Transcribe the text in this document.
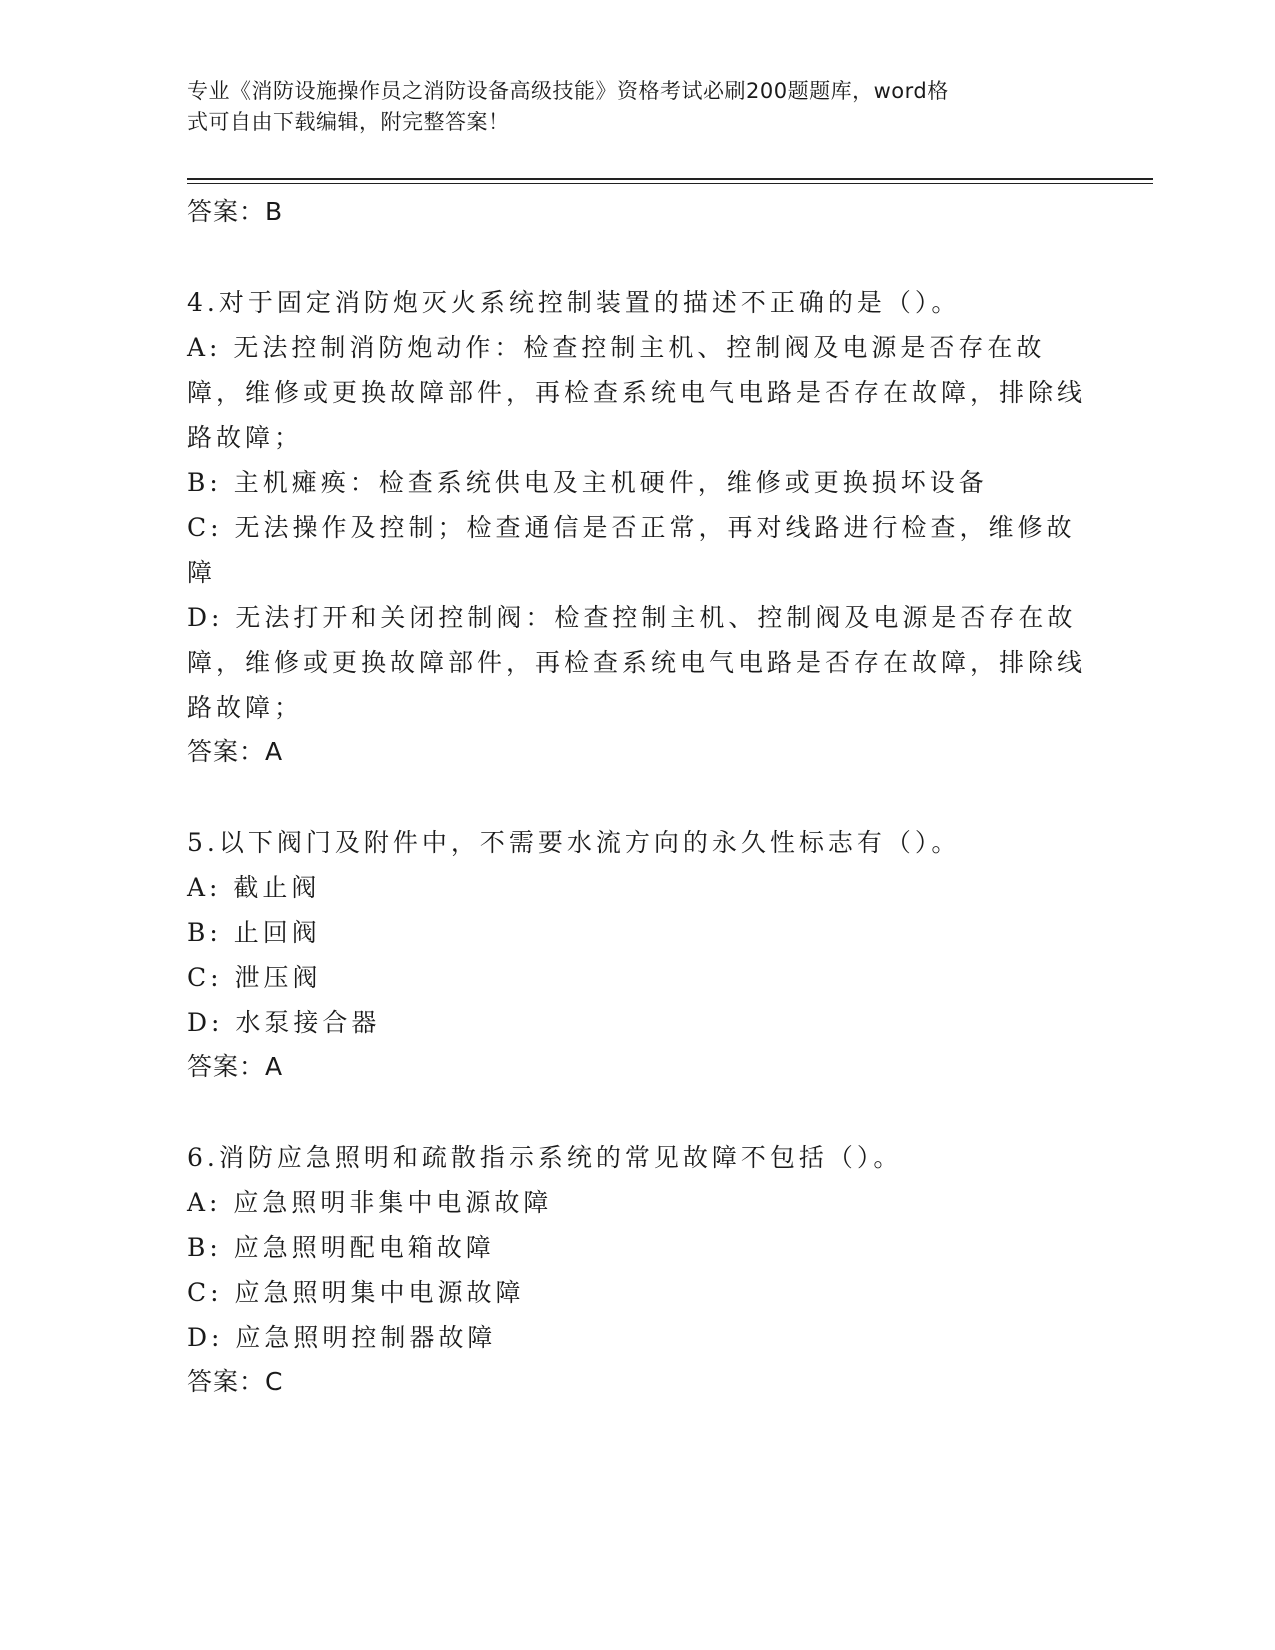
专业《消防设施操作员之消防设备高级技能》资格考试必刷200题题库，word格
式可自由下载编辑，附完整答案！

答案：B

4.对于固定消防炮灭火系统控制装置的描述不正确的是（）。

A: 无法控制消防炮动作：检查控制主机、控制阀及电源是否存在故障，维修或更换故障部件，再检查系统电气电路是否存在故障，排除线路故障；

B: 主机瘫痪：检查系统供电及主机硬件，维修或更换损坏设备

C: 无法操作及控制；检查通信是否正常，再对线路进行检查，维修故障

D: 无法打开和关闭控制阀：检查控制主机、控制阀及电源是否存在故障，维修或更换故障部件，再检查系统电气电路是否存在故障，排除线路故障；

答案：A

5.以下阀门及附件中，不需要水流方向的永久性标志有（）。

A: 截止阀

B: 止回阀

C: 泄压阀

D: 水泵接合器

答案：A

6.消防应急照明和疏散指示系统的常见故障不包括（）。

A: 应急照明非集中电源故障

B: 应急照明配电箱故障

C: 应急照明集中电源故障

D: 应急照明控制器故障

答案：C
